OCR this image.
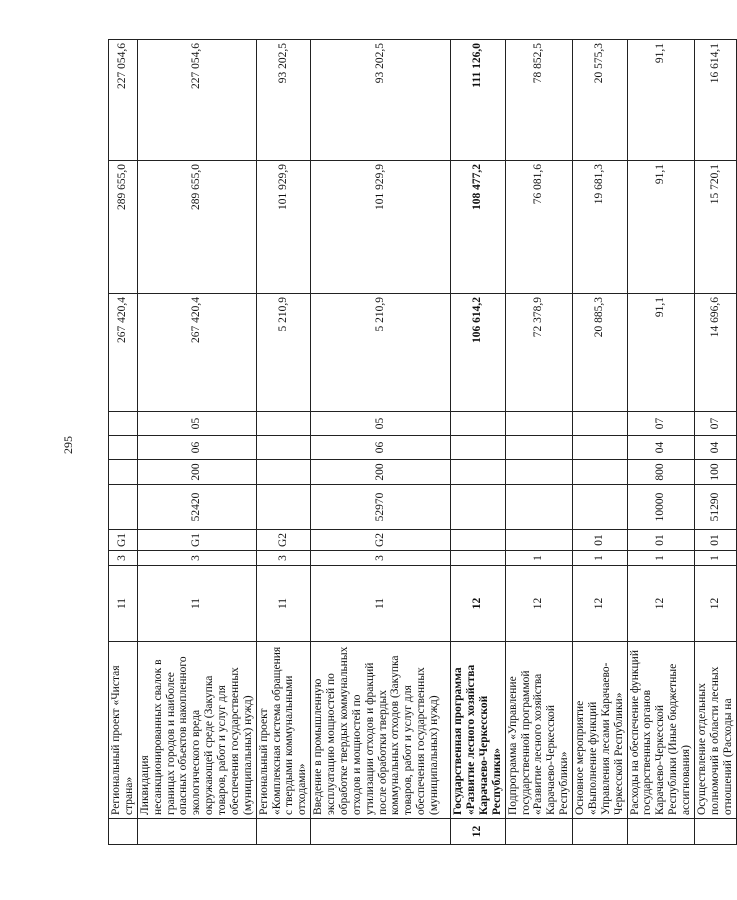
295
	Региональный проект «Чистая страна»	11	3	G1					267 420,4	289 655,0	227 054,6
	Ликвидация несанкционированных свалок в границах городов и наиболее опасных объектов накопленного экологического вреда окружающей среде (Закупка товаров, работ и услуг для обеспечения государственных (муниципальных) нужд)	11	3	G1	52420	200	06	05	267 420,4	289 655,0	227 054,6
	Региональный проект «Комплексная система обращения с твердыми коммунальными отходами»	11	3	G2					5 210,9	101 929,9	93 202,5
	Введение в промышленную эксплуатацию мощностей по обработке твердых коммунальных отходов и мощностей по утилизации отходов и фракций после обработки твердых коммунальных отходов (Закупка товаров, работ и услуг для обеспечения государственных (муниципальных) нужд)	11	3	G2	52970	200	06	05	5 210,9	101 929,9	93 202,5
12	Государственная программа «Развитие лесного хозяйства Карачаево-Черкесской Республики»	12							106 614,2	108 477,2	111 126,0
	Подпрограмма «Управление государственной программой «Развитие лесного хозяйства Карачаево-Черкесской Республики»	12	1						72 378,9	76 081,6	78 852,5
	Основное мероприятие «Выполнение функций Управления лесами Карачаево-Черкесской Республики»	12	1	01					20 885,3	19 681,3	20 575,3
	Расходы на обеспечение функций государственных органов Карачаево-Черкесской Республики (Иные бюджетные ассигнования)	12	1	01	10000	800	04	07	91,1	91,1	91,1
	Осуществление отдельных полномочий в области лесных отношений (Расходы на	12	1	01	51290	100	04	07	14 696,6	15 720,1	16 614,1
